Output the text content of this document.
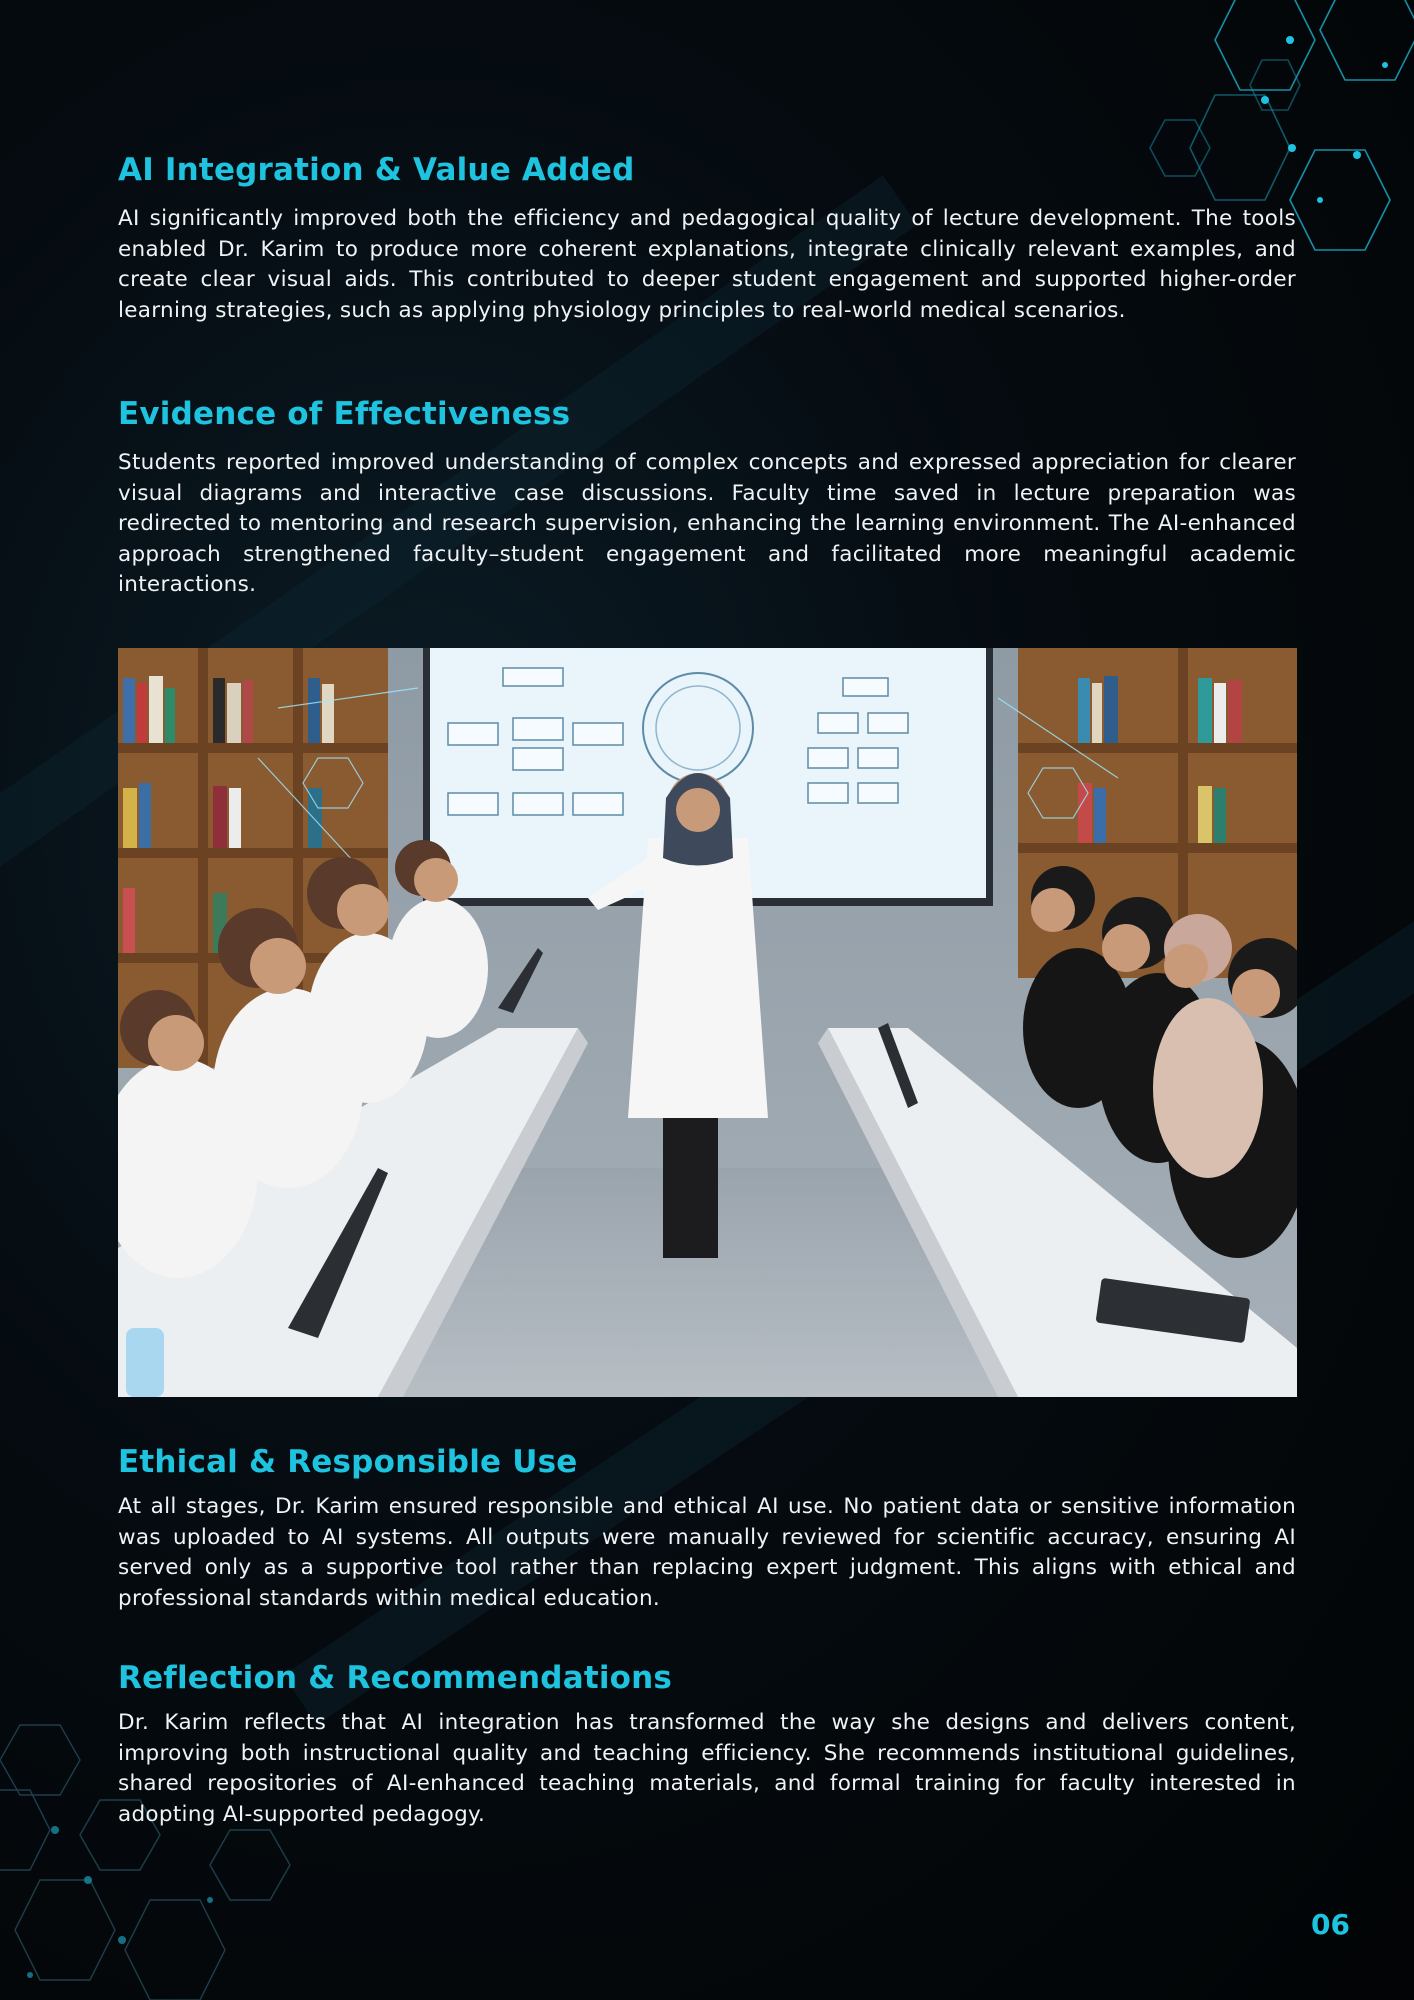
AI Integration & Value Added

AI significantly improved both the efficiency and pedagogical quality of lecture development. The tools enabled Dr. Karim to produce more coherent explanations, integrate clinically relevant examples, and create clear visual aids. This contributed to deeper student engagement and supported higher-order learning strategies, such as applying physiology principles to real-world medical scenarios.

Evidence of Effectiveness

Students reported improved understanding of complex concepts and expressed appreciation for clearer visual diagrams and interactive case discussions. Faculty time saved in lecture preparation was redirected to mentoring and research supervision, enhancing the learning environment. The AI-enhanced approach strengthened faculty–student engagement and facilitated more meaningful academic interactions.

Ethical & Responsible Use

At all stages, Dr. Karim ensured responsible and ethical AI use. No patient data or sensitive information was uploaded to AI systems. All outputs were manually reviewed for scientific accuracy, ensuring AI served only as a supportive tool rather than replacing expert judgment. This aligns with ethical and professional standards within medical education.

Reflection & Recommendations

Dr. Karim reflects that AI integration has transformed the way she designs and delivers content, improving both instructional quality and teaching efficiency. She recommends institutional guidelines, shared repositories of AI-enhanced teaching materials, and formal training for faculty interested in adopting AI-supported pedagogy.

06
